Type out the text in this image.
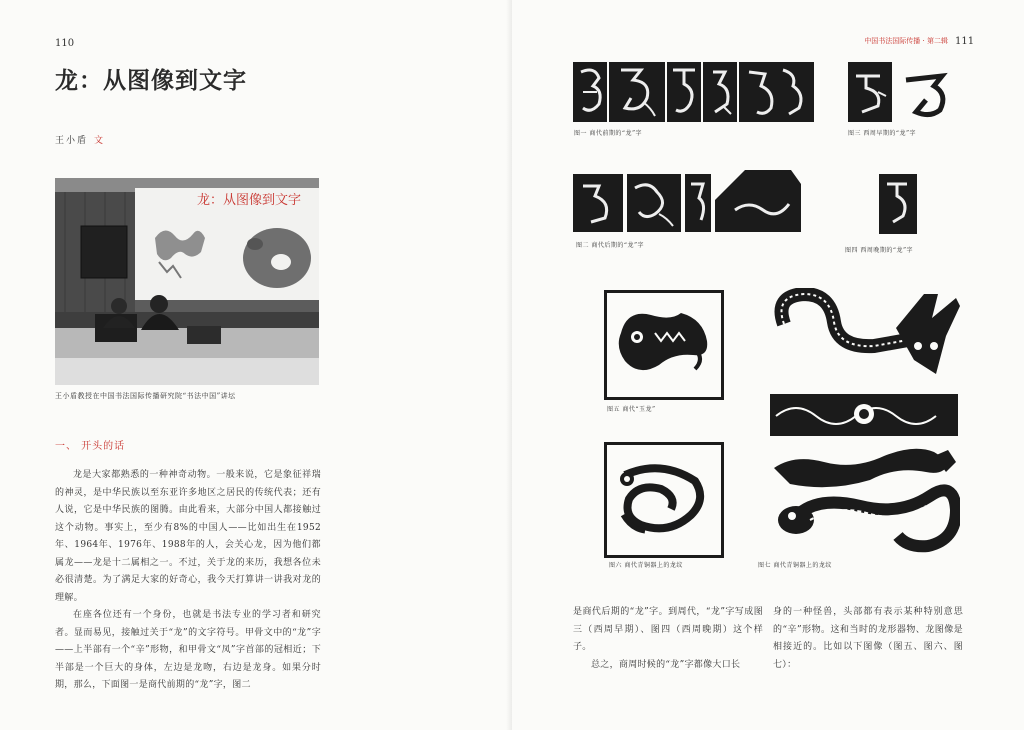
110
龙：从图像到文字
王小盾 文
龙：从图像到文字
王小盾教授在中国书法国际传播研究院“书法中国”讲坛
一、 开头的话

龙是大家都熟悉的一种神奇动物。一般来说，它是象征祥瑞的神灵，是中华民族以至东亚许多地区之居民的传统代表；还有人说，它是中华民族的图腾。由此看来，大部分中国人都接触过这个动物。事实上，至少有8%的中国人——比如出生在1952年、1964年、1976年、1988年的人，会关心龙，因为他们都属龙——龙是十二属相之一。不过，关于龙的来历，我想各位未必很清楚。为了满足大家的好奇心，我今天打算讲一讲我对龙的理解。

在座各位还有一个身份，也就是书法专业的学习者和研究者。显而易见，接触过关于“龙”的文字符号。甲骨文中的“龙”字——上半部有一个“辛”形物，和甲骨文“凤”字首部的冠相近；下半部是一个巨大的身体，左边是龙吻，右边是龙身。如果分时期，那么，下面图一是商代前期的“龙”字，图二

中国书法国际传播 · 第二辑 111
图一 商代前期的“龙”字	图三 西周早期的“龙”字
图二 商代后期的“龙”字
图四 西周晚期的“龙”字
图五 商代“玉龙”
图六 商代青铜器上的龙纹	图七 商代青铜器上的龙纹

是商代后期的“龙”字。到周代，“龙”字写成图三（西周早期）、图四（西周晚期）这个样子。

总之，商周时候的“龙”字都像大口长

身的一种怪兽，头部都有表示某种特别意思的“辛”形物。这和当时的龙形器物、龙图像是相接近的。比如以下图像（图五、图六、图七）：
